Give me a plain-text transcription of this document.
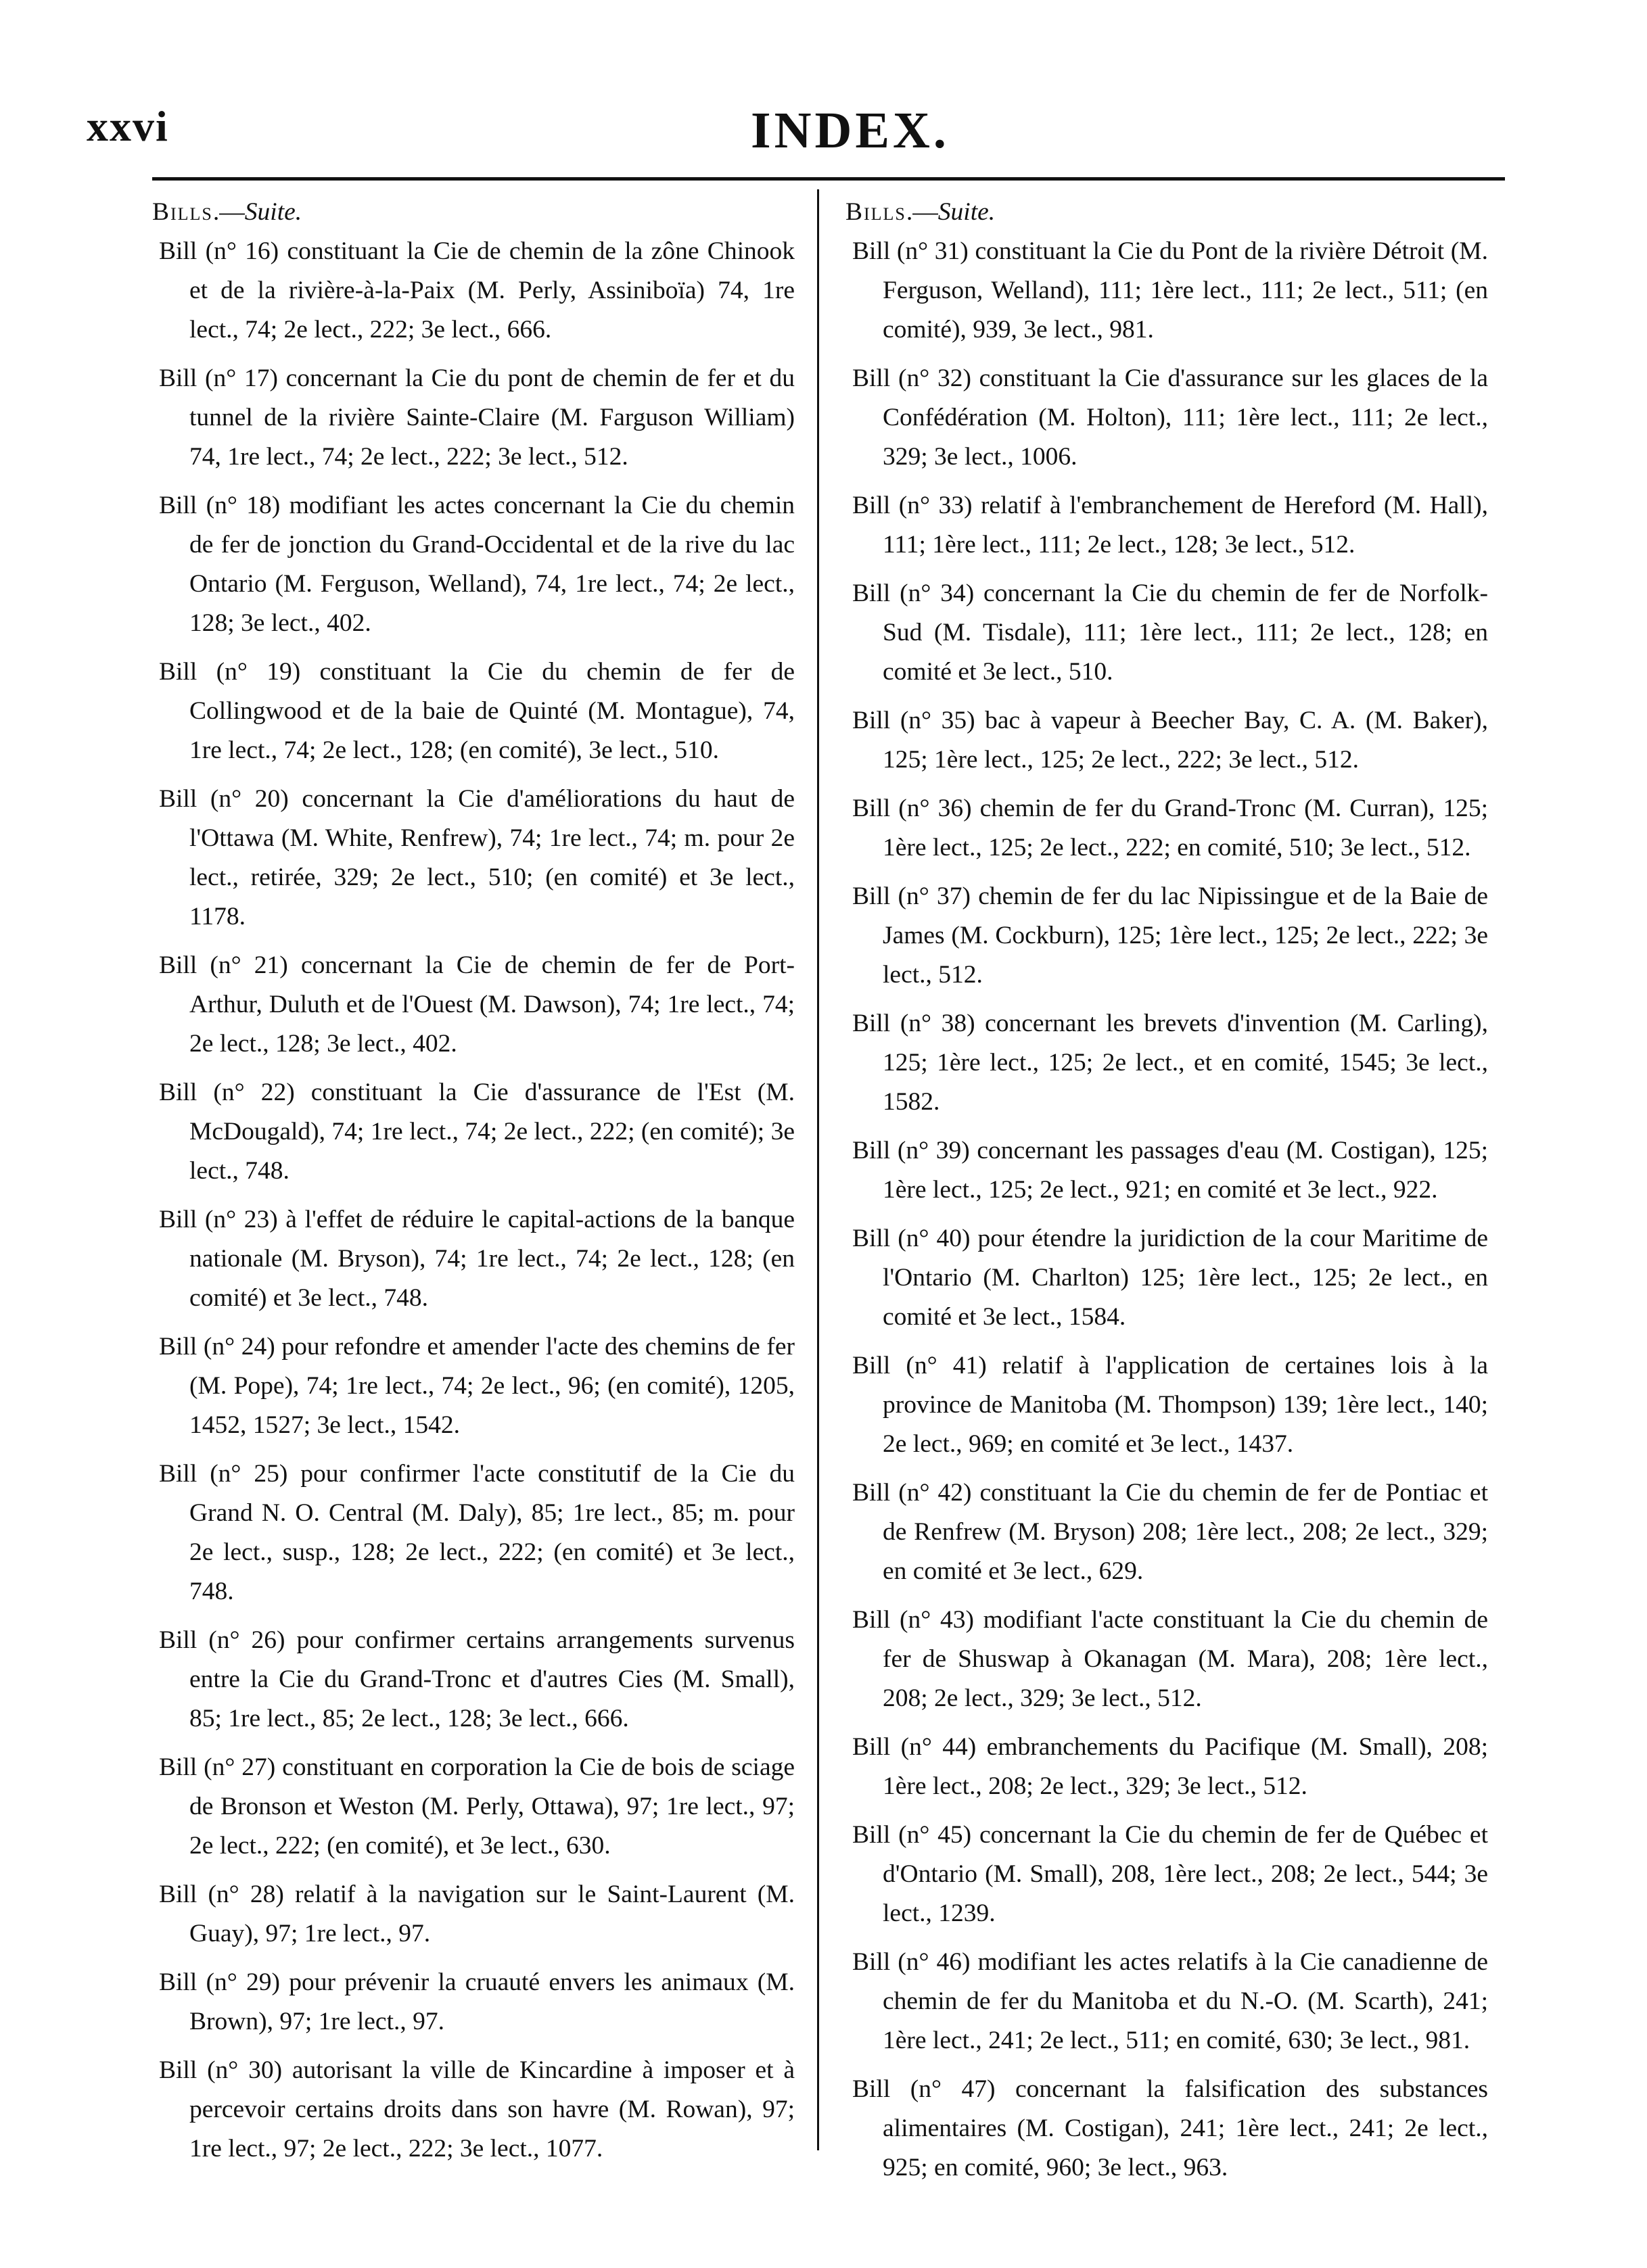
xxvi	INDEX.

Bills.—Suite.

Bill (n° 16) constituant la Cie de chemin de la zône Chinook et de la rivière-à-la-Paix (M. Perly, Assiniboïa) 74, 1re lect., 74; 2e lect., 222; 3e lect., 666.

Bill (n° 17) concernant la Cie du pont de chemin de fer et du tunnel de la rivière Sainte-Claire (M. Farguson William) 74, 1re lect., 74; 2e lect., 222; 3e lect., 512.

Bill (n° 18) modifiant les actes concernant la Cie du chemin de fer de jonction du Grand-Occidental et de la rive du lac Ontario (M. Ferguson, Welland), 74, 1re lect., 74; 2e lect., 128; 3e lect., 402.

Bill (n° 19) constituant la Cie du chemin de fer de Collingwood et de la baie de Quinté (M. Montague), 74, 1re lect., 74; 2e lect., 128; (en comité), 3e lect., 510.

Bill (n° 20) concernant la Cie d'améliorations du haut de l'Ottawa (M. White, Renfrew), 74; 1re lect., 74; m. pour 2e lect., retirée, 329; 2e lect., 510; (en comité) et 3e lect., 1178.

Bill (n° 21) concernant la Cie de chemin de fer de Port-Arthur, Duluth et de l'Ouest (M. Dawson), 74; 1re lect., 74; 2e lect., 128; 3e lect., 402.

Bill (n° 22) constituant la Cie d'assurance de l'Est (M. McDougald), 74; 1re lect., 74; 2e lect., 222; (en comité); 3e lect., 748.

Bill (n° 23) à l'effet de réduire le capital-actions de la banque nationale (M. Bryson), 74; 1re lect., 74; 2e lect., 128; (en comité) et 3e lect., 748.

Bill (n° 24) pour refondre et amender l'acte des chemins de fer (M. Pope), 74; 1re lect., 74; 2e lect., 96; (en comité), 1205, 1452, 1527; 3e lect., 1542.

Bill (n° 25) pour confirmer l'acte constitutif de la Cie du Grand N. O. Central (M. Daly), 85; 1re lect., 85; m. pour 2e lect., susp., 128; 2e lect., 222; (en comité) et 3e lect., 748.

Bill (n° 26) pour confirmer certains arrangements survenus entre la Cie du Grand-Tronc et d'autres Cies (M. Small), 85; 1re lect., 85; 2e lect., 128; 3e lect., 666.

Bill (n° 27) constituant en corporation la Cie de bois de sciage de Bronson et Weston (M. Perly, Ottawa), 97; 1re lect., 97; 2e lect., 222; (en comité), et 3e lect., 630.

Bill (n° 28) relatif à la navigation sur le Saint-Laurent (M. Guay), 97; 1re lect., 97.

Bill (n° 29) pour prévenir la cruauté envers les animaux (M. Brown), 97; 1re lect., 97.

Bill (n° 30) autorisant la ville de Kincardine à imposer et à percevoir certains droits dans son havre (M. Rowan), 97; 1re lect., 97; 2e lect., 222; 3e lect., 1077.

Bills.—Suite.

Bill (n° 31) constituant la Cie du Pont de la rivière Détroit (M. Ferguson, Welland), 111; 1ère lect., 111; 2e lect., 511; (en comité), 939, 3e lect., 981.

Bill (n° 32) constituant la Cie d'assurance sur les glaces de la Confédération (M. Holton), 111; 1ère lect., 111; 2e lect., 329; 3e lect., 1006.

Bill (n° 33) relatif à l'embranchement de Hereford (M. Hall), 111; 1ère lect., 111; 2e lect., 128; 3e lect., 512.

Bill (n° 34) concernant la Cie du chemin de fer de Norfolk-Sud (M. Tisdale), 111; 1ère lect., 111; 2e lect., 128; en comité et 3e lect., 510.

Bill (n° 35) bac à vapeur à Beecher Bay, C. A. (M. Baker), 125; 1ère lect., 125; 2e lect., 222; 3e lect., 512.

Bill (n° 36) chemin de fer du Grand-Tronc (M. Curran), 125; 1ère lect., 125; 2e lect., 222; en comité, 510; 3e lect., 512.

Bill (n° 37) chemin de fer du lac Nipissingue et de la Baie de James (M. Cockburn), 125; 1ère lect., 125; 2e lect., 222; 3e lect., 512.

Bill (n° 38) concernant les brevets d'invention (M. Carling), 125; 1ère lect., 125; 2e lect., et en comité, 1545; 3e lect., 1582.

Bill (n° 39) concernant les passages d'eau (M. Costigan), 125; 1ère lect., 125; 2e lect., 921; en comité et 3e lect., 922.

Bill (n° 40) pour étendre la juridiction de la cour Maritime de l'Ontario (M. Charlton) 125; 1ère lect., 125; 2e lect., en comité et 3e lect., 1584.

Bill (n° 41) relatif à l'application de certaines lois à la province de Manitoba (M. Thompson) 139; 1ère lect., 140; 2e lect., 969; en comité et 3e lect., 1437.

Bill (n° 42) constituant la Cie du chemin de fer de Pontiac et de Renfrew (M. Bryson) 208; 1ère lect., 208; 2e lect., 329; en comité et 3e lect., 629.

Bill (n° 43) modifiant l'acte constituant la Cie du chemin de fer de Shuswap à Okanagan (M. Mara), 208; 1ère lect., 208; 2e lect., 329; 3e lect., 512.

Bill (n° 44) embranchements du Pacifique (M. Small), 208; 1ère lect., 208; 2e lect., 329; 3e lect., 512.

Bill (n° 45) concernant la Cie du chemin de fer de Québec et d'Ontario (M. Small), 208, 1ère lect., 208; 2e lect., 544; 3e lect., 1239.

Bill (n° 46) modifiant les actes relatifs à la Cie canadienne de chemin de fer du Manitoba et du N.-O. (M. Scarth), 241; 1ère lect., 241; 2e lect., 511; en comité, 630; 3e lect., 981.

Bill (n° 47) concernant la falsification des substances alimentaires (M. Costigan), 241; 1ère lect., 241; 2e lect., 925; en comité, 960; 3e lect., 963.
